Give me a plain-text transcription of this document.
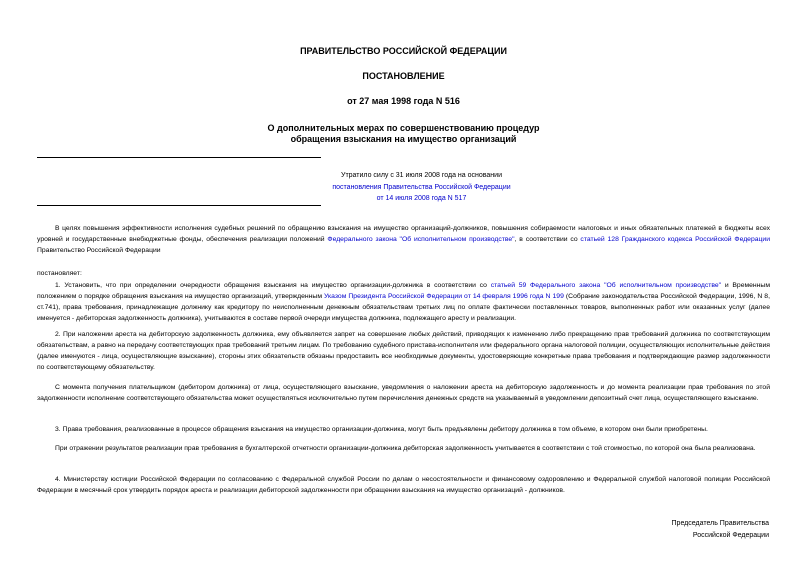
ПРАВИТЕЛЬСТВО РОССИЙСКОЙ ФЕДЕРАЦИИ
ПОСТАНОВЛЕНИЕ
от 27 мая 1998 года N 516
О дополнительных мерах по совершенствованию процедур
обращения взыскания на имущество организаций
Утратило силу с 31 июля 2008 года на основании
постановления Правительства Российской Федерации
от 14 июля 2008 года N 517
В целях повышения эффективности исполнения судебных решений по обращению взыскания на имущество организаций-должников, повышения собираемости налоговых и иных обязательных платежей в бюджеты всех уровней и государственные внебюджетные фонды, обеспечения реализации положений Федерального закона "Об исполнительном производстве", в соответствии со статьей 128 Гражданского кодекса Российской Федерации Правительство Российской Федерации
постановляет:
1. Установить, что при определении очередности обращения взыскания на имущество организации-должника в соответствии со статьей 59 Федерального закона "Об исполнительном производстве" и Временным положением о порядке обращения взыскания на имущество организаций, утвержденным Указом Президента Российской Федерации от 14 февраля 1996 года N 199 (Собрание законодательства Российской Федерации, 1996, N 8, ст.741), права требования, принадлежащие должнику как кредитору по неисполненным денежным обязательствам третьих лиц по оплате фактически поставленных товаров, выполненных работ или оказанных услуг (далее именуется - дебиторская задолженность должника), учитываются в составе первой очереди имущества должника, подлежащего аресту и реализации.
2. При наложении ареста на дебиторскую задолженность должника, ему объявляется запрет на совершение любых действий, приводящих к изменению либо прекращению прав требований должника по соответствующим обязательствам, а равно на передачу соответствующих прав требований третьим лицам. По требованию судебного пристава-исполнителя или федерального органа налоговой полиции, осуществляющих исполнительные действия (далее именуются - лица, осуществляющие взыскание), стороны этих обязательств обязаны предоставить все необходимые документы, удостоверяющие конкретные права требования и подтверждающие размер задолженности по соответствующему обязательству.
С момента получения плательщиком (дебитором должника) от лица, осуществляющего взыскание, уведомления о наложении ареста на дебиторскую задолженность и до момента реализации прав требования по этой задолженности исполнение соответствующего обязательства может осуществляться исключительно путем перечисления денежных средств на указываемый в уведомлении депозитный счет лица, осуществляющего взыскание.
3. Права требования, реализованные в процессе обращения взыскания на имущество организации-должника, могут быть предъявлены дебитору должника в том объеме, в котором они были приобретены.
При отражении результатов реализации прав требования в бухгалтерской отчетности организации-должника дебиторская задолженность учитывается в соответствии с той стоимостью, по которой она была реализована.
4. Министерству юстиции Российской Федерации по согласованию с Федеральной службой России по делам о несостоятельности и финансовому оздоровлению и Федеральной службой налоговой полиции Российской Федерации в месячный срок утвердить порядок ареста и реализации дебиторской задолженности при обращении взыскания на имущество организаций - должников.
Председатель Правительства
Российской Федерации
